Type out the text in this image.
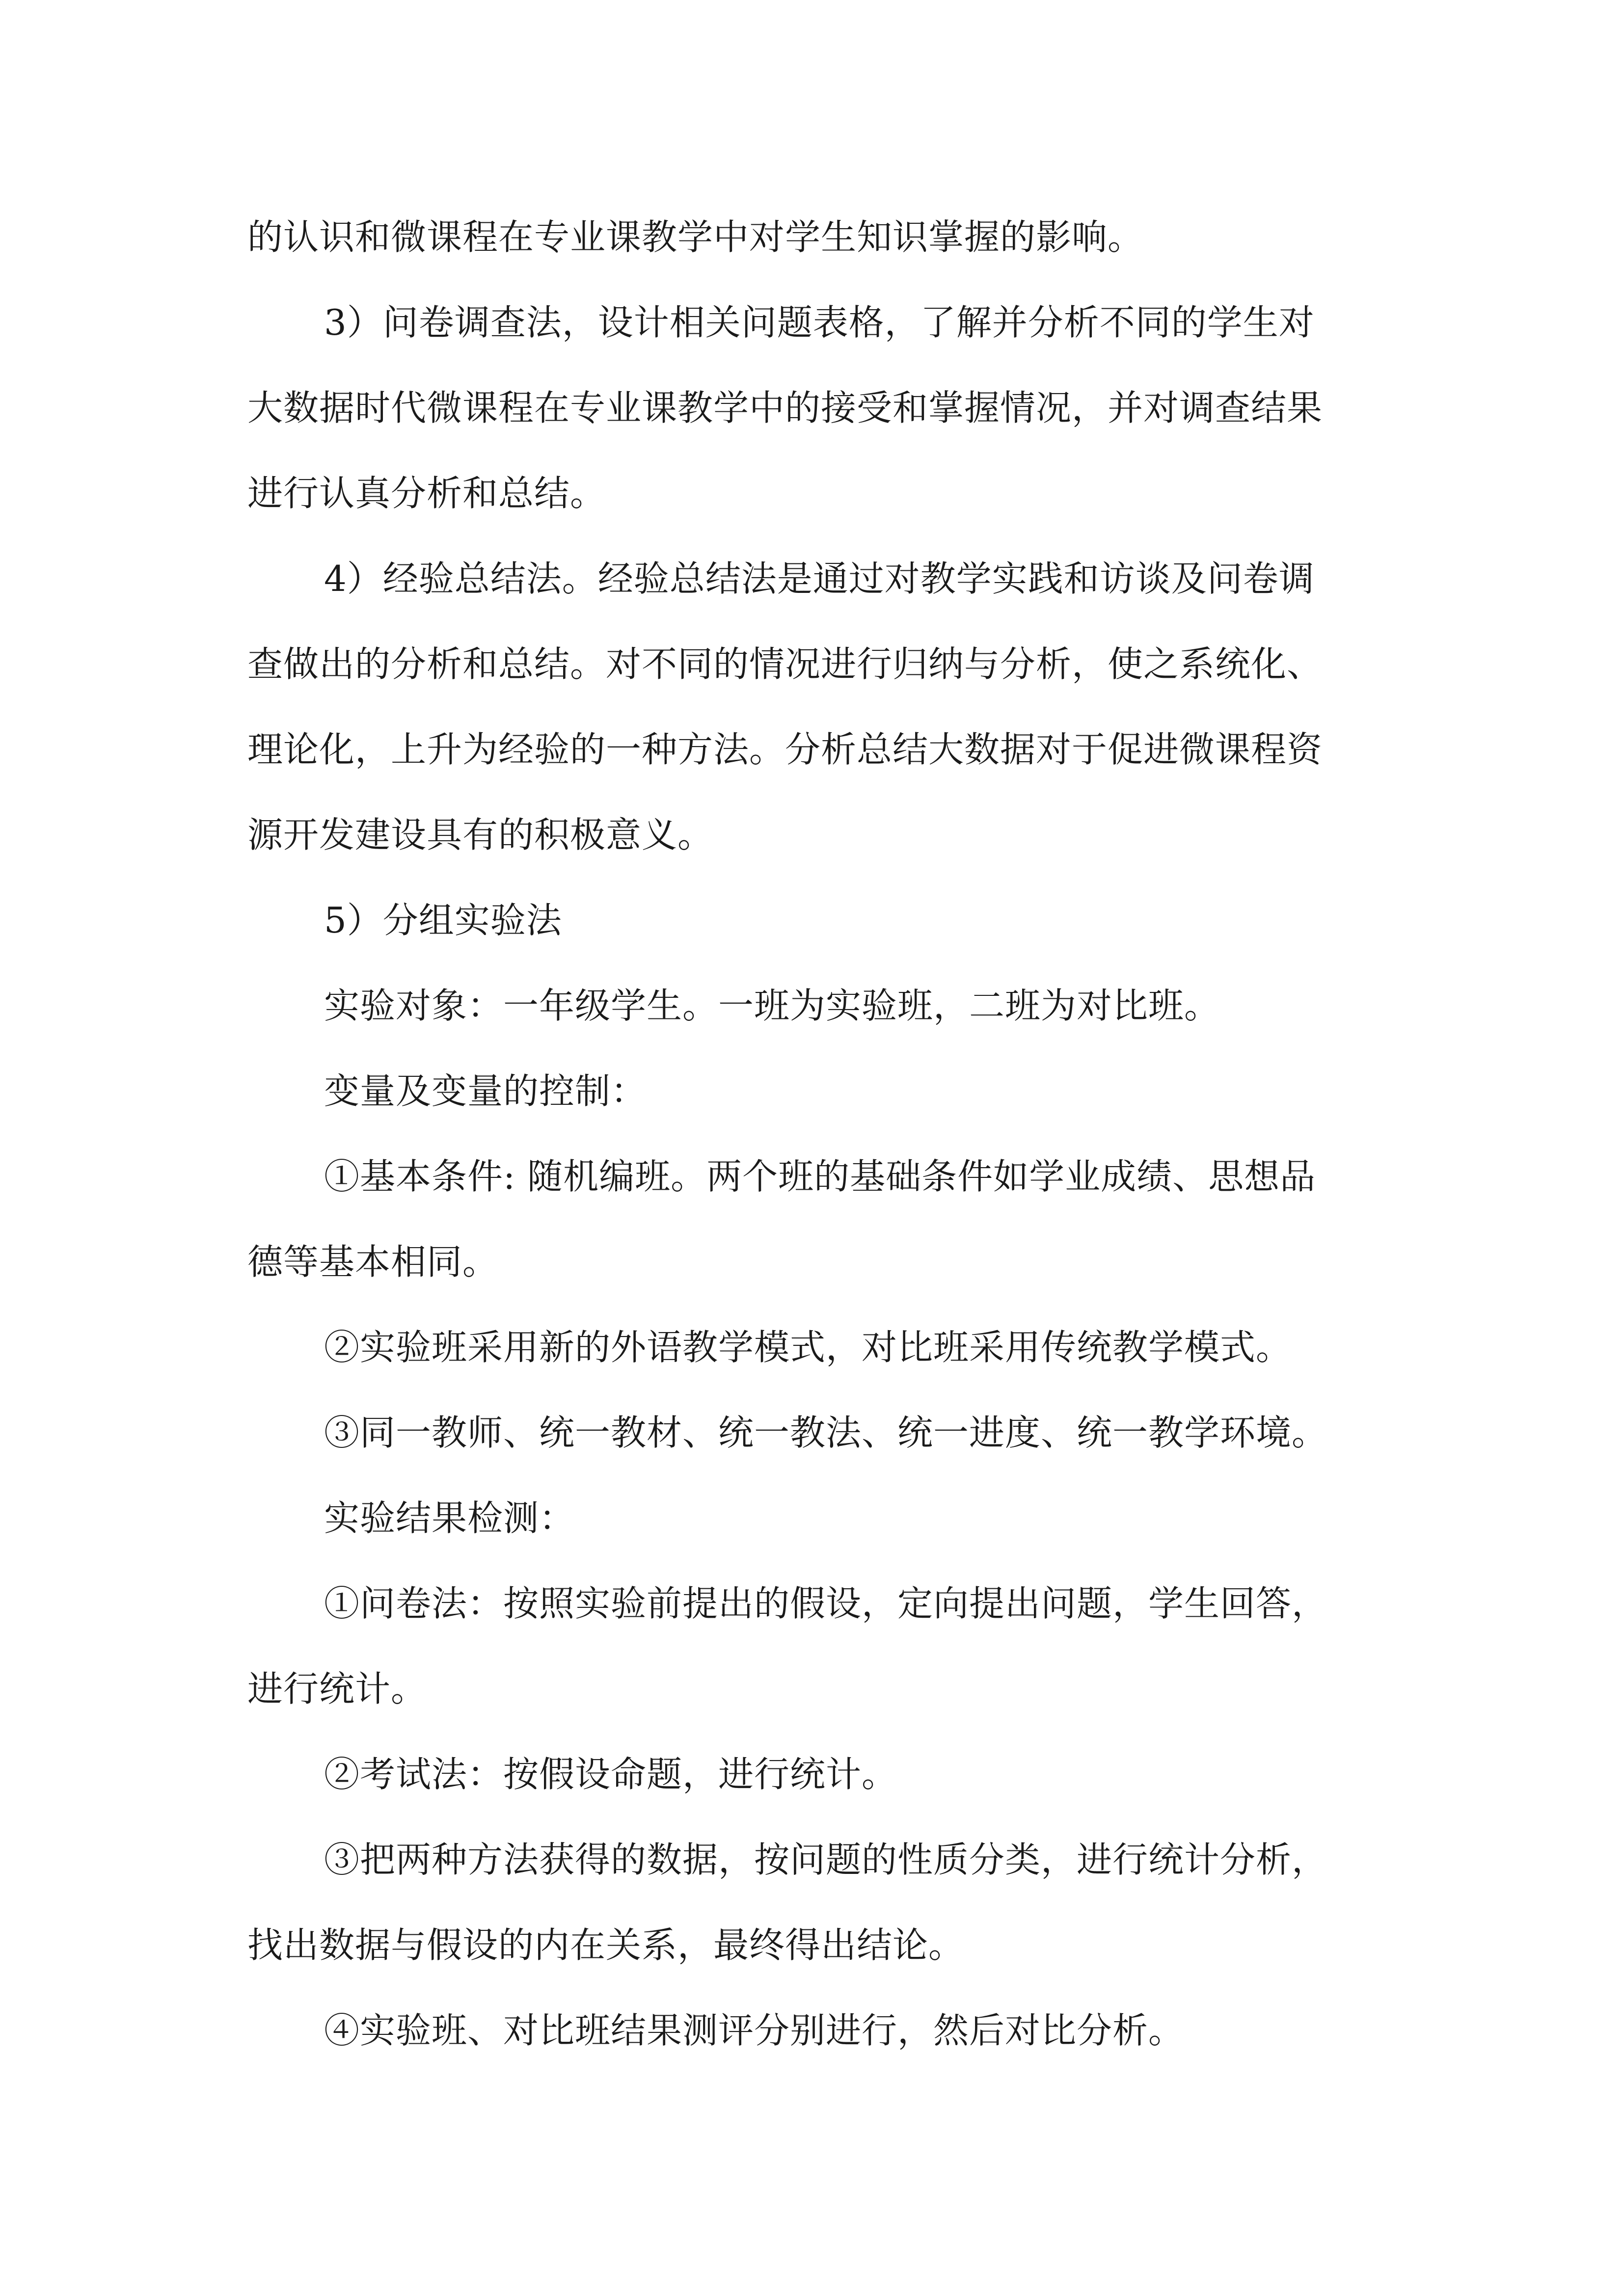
的认识和微课程在专业课教学中对学生知识掌握的影响。
3）问卷调查法，设计相关问题表格，了解并分析不同的学生对
大数据时代微课程在专业课教学中的接受和掌握情况，并对调查结果
进行认真分析和总结。
4）经验总结法。经验总结法是通过对教学实践和访谈及问卷调
查做出的分析和总结。对不同的情况进行归纳与分析，使之系统化、
理论化，上升为经验的一种方法。分析总结大数据对于促进微课程资
源开发建设具有的积极意义。
5）分组实验法
实验对象：一年级学生。一班为实验班，二班为对比班。
变量及变量的控制：
①基本条件: 随机编班。两个班的基础条件如学业成绩、思想品
德等基本相同。
②实验班采用新的外语教学模式，对比班采用传统教学模式。
③同一教师、统一教材、统一教法、统一进度、统一教学环境。
实验结果检测：
①问卷法：按照实验前提出的假设，定向提出问题，学生回答，
进行统计。
②考试法：按假设命题，进行统计。
③把两种方法获得的数据，按问题的性质分类，进行统计分析，
找出数据与假设的内在关系，最终得出结论。
④实验班、对比班结果测评分别进行，然后对比分析。
